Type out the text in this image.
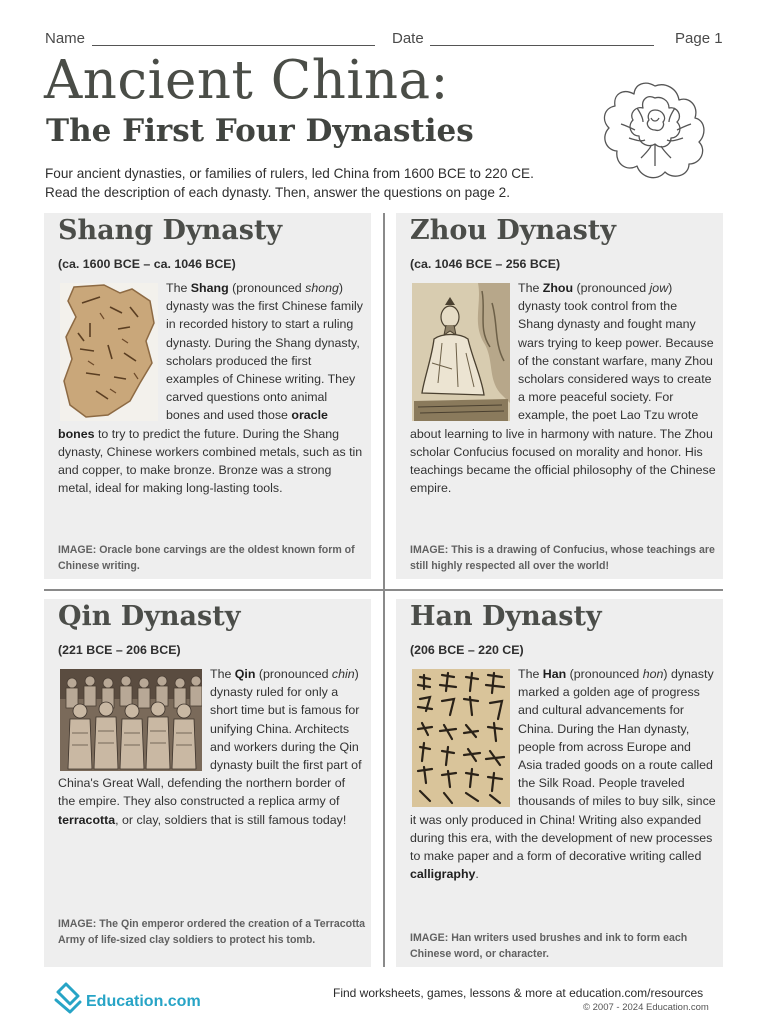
Name	Date	Page 1
Ancient China:
The First Four Dynasties
Four ancient dynasties, or families of rulers, led China from 1600 BCE to 220 CE.
Read the description of each dynasty. Then, answer the questions on page 2.
Shang Dynasty
(ca. 1600 BCE – ca. 1046 BCE)
The Shang (pronounced shong) dynasty was the first Chinese family in recorded history to start a ruling dynasty. During the Shang dynasty, scholars produced the first examples of Chinese writing. They carved questions onto animal bones and used those oracle bones to try to predict the future. During the Shang dynasty, Chinese workers combined metals, such as tin and copper, to make bronze. Bronze was a strong metal, ideal for making long-lasting tools.
IMAGE: Oracle bone carvings are the oldest known form of Chinese writing.
Zhou Dynasty
(ca. 1046 BCE – 256 BCE)
The Zhou (pronounced jow) dynasty took control from the Shang dynasty and fought many wars trying to keep power. Because of the constant warfare, many Zhou scholars considered ways to create a more peaceful society. For example, the poet Lao Tzu wrote about learning to live in harmony with nature. The Zhou scholar Confucius focused on morality and honor. His teachings became the official philosophy of the Chinese empire.
IMAGE: This is a drawing of Confucius, whose teachings are still highly respected all over the world!
Qin Dynasty
(221 BCE – 206 BCE)
The Qin (pronounced chin) dynasty ruled for only a short time but is famous for unifying China. Architects and workers during the Qin dynasty built the first part of China's Great Wall, defending the northern border of the empire. They also constructed a replica army of terracotta, or clay, soldiers that is still famous today!
IMAGE: The Qin emperor ordered the creation of a Terracotta Army of life-sized clay soldiers to protect his tomb.
Han Dynasty
(206 BCE – 220 CE)
The Han (pronounced hon) dynasty marked a golden age of progress and cultural advancements for China. During the Han dynasty, people from across Europe and Asia traded goods on a route called the Silk Road. People traveled thousands of miles to buy silk, since it was only produced in China! Writing also expanded during this era, with the development of new processes to make paper and a form of decorative writing called calligraphy.
IMAGE: Han writers used brushes and ink to form each Chinese word, or character.
Education.com	Find worksheets, games, lessons & more at education.com/resources
© 2007 - 2024 Education.com
